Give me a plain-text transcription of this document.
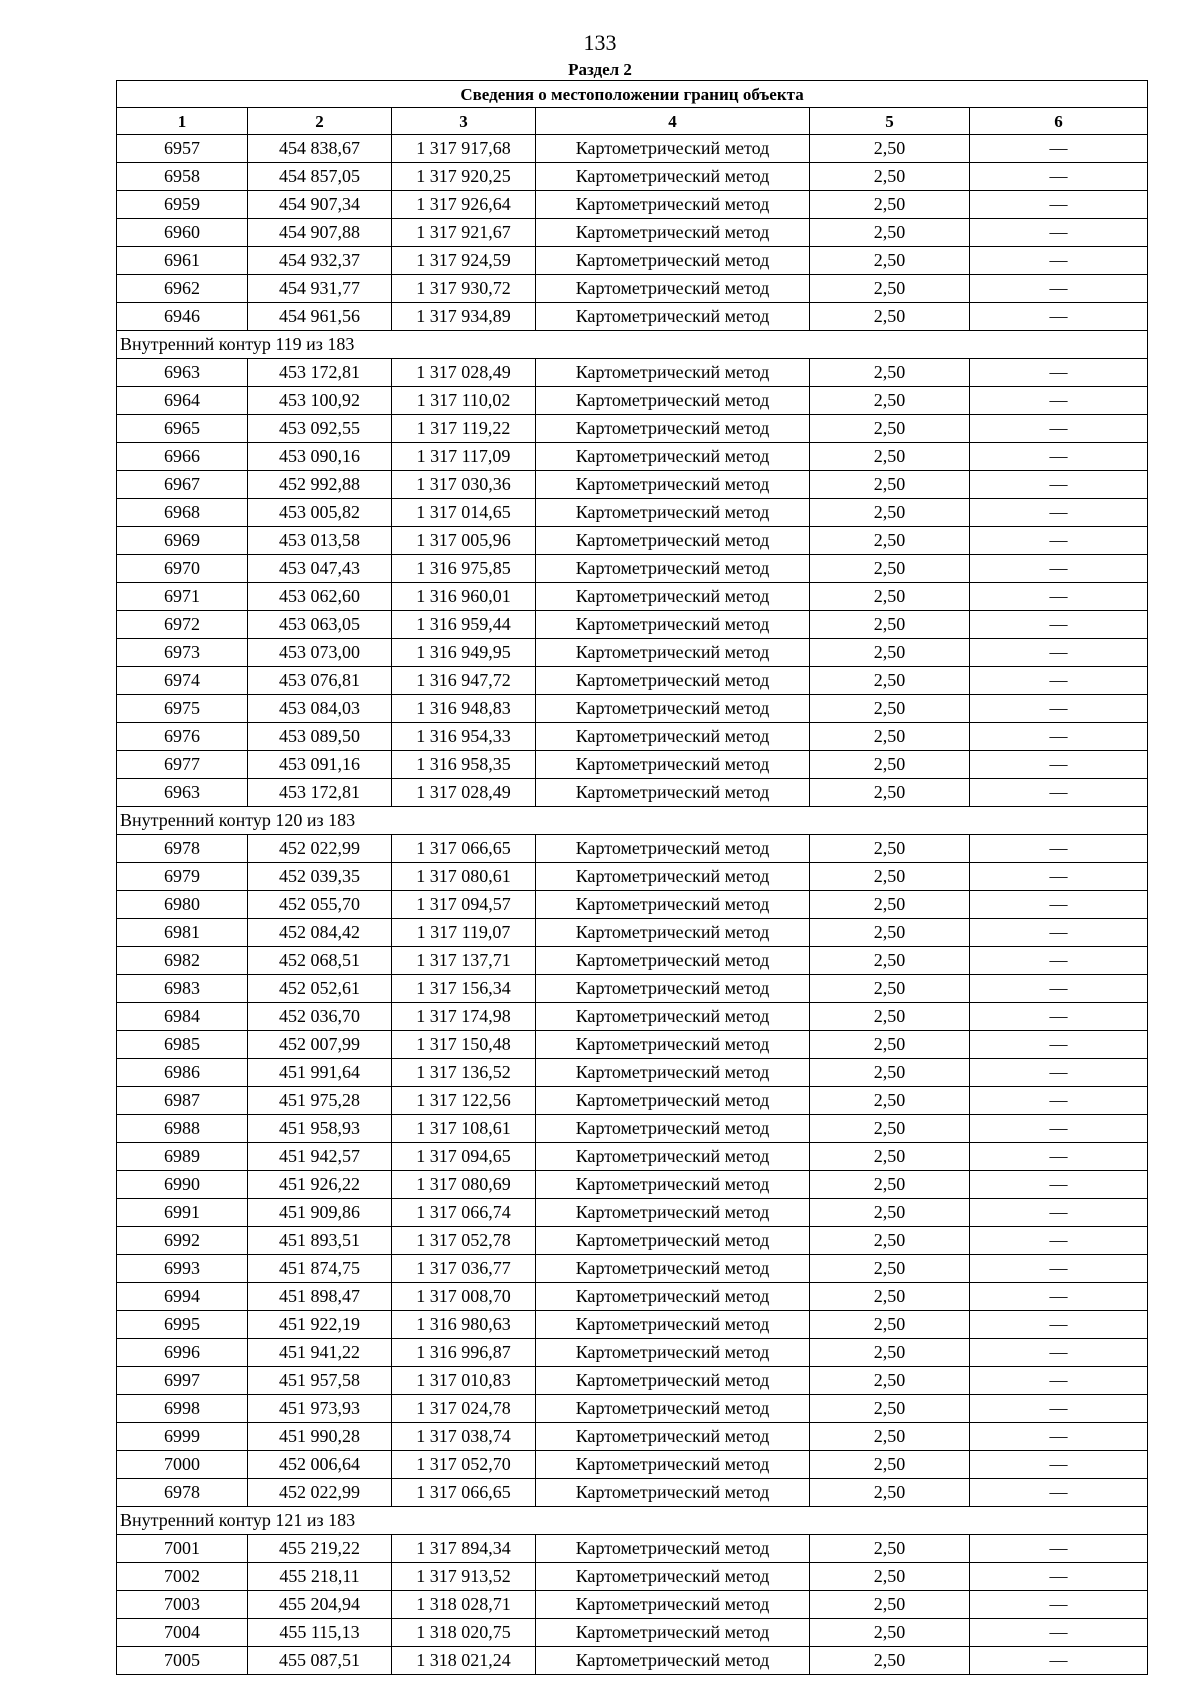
133
Раздел 2
Сведения о местоположении границ объекта					
1	2	3	4	5	6
6957	454 838,67	1 317 917,68	Картометрический метод	2,50	—
6958	454 857,05	1 317 920,25	Картометрический метод	2,50	—
6959	454 907,34	1 317 926,64	Картометрический метод	2,50	—
6960	454 907,88	1 317 921,67	Картометрический метод	2,50	—
6961	454 932,37	1 317 924,59	Картометрический метод	2,50	—
6962	454 931,77	1 317 930,72	Картометрический метод	2,50	—
6946	454 961,56	1 317 934,89	Картометрический метод	2,50	—
Внутренний контур 119 из 183					
6963	453 172,81	1 317 028,49	Картометрический метод	2,50	—
6964	453 100,92	1 317 110,02	Картометрический метод	2,50	—
6965	453 092,55	1 317 119,22	Картометрический метод	2,50	—
6966	453 090,16	1 317 117,09	Картометрический метод	2,50	—
6967	452 992,88	1 317 030,36	Картометрический метод	2,50	—
6968	453 005,82	1 317 014,65	Картометрический метод	2,50	—
6969	453 013,58	1 317 005,96	Картометрический метод	2,50	—
6970	453 047,43	1 316 975,85	Картометрический метод	2,50	—
6971	453 062,60	1 316 960,01	Картометрический метод	2,50	—
6972	453 063,05	1 316 959,44	Картометрический метод	2,50	—
6973	453 073,00	1 316 949,95	Картометрический метод	2,50	—
6974	453 076,81	1 316 947,72	Картометрический метод	2,50	—
6975	453 084,03	1 316 948,83	Картометрический метод	2,50	—
6976	453 089,50	1 316 954,33	Картометрический метод	2,50	—
6977	453 091,16	1 316 958,35	Картометрический метод	2,50	—
6963	453 172,81	1 317 028,49	Картометрический метод	2,50	—
Внутренний контур 120 из 183					
6978	452 022,99	1 317 066,65	Картометрический метод	2,50	—
6979	452 039,35	1 317 080,61	Картометрический метод	2,50	—
6980	452 055,70	1 317 094,57	Картометрический метод	2,50	—
6981	452 084,42	1 317 119,07	Картометрический метод	2,50	—
6982	452 068,51	1 317 137,71	Картометрический метод	2,50	—
6983	452 052,61	1 317 156,34	Картометрический метод	2,50	—
6984	452 036,70	1 317 174,98	Картометрический метод	2,50	—
6985	452 007,99	1 317 150,48	Картометрический метод	2,50	—
6986	451 991,64	1 317 136,52	Картометрический метод	2,50	—
6987	451 975,28	1 317 122,56	Картометрический метод	2,50	—
6988	451 958,93	1 317 108,61	Картометрический метод	2,50	—
6989	451 942,57	1 317 094,65	Картометрический метод	2,50	—
6990	451 926,22	1 317 080,69	Картометрический метод	2,50	—
6991	451 909,86	1 317 066,74	Картометрический метод	2,50	—
6992	451 893,51	1 317 052,78	Картометрический метод	2,50	—
6993	451 874,75	1 317 036,77	Картометрический метод	2,50	—
6994	451 898,47	1 317 008,70	Картометрический метод	2,50	—
6995	451 922,19	1 316 980,63	Картометрический метод	2,50	—
6996	451 941,22	1 316 996,87	Картометрический метод	2,50	—
6997	451 957,58	1 317 010,83	Картометрический метод	2,50	—
6998	451 973,93	1 317 024,78	Картометрический метод	2,50	—
6999	451 990,28	1 317 038,74	Картометрический метод	2,50	—
7000	452 006,64	1 317 052,70	Картометрический метод	2,50	—
6978	452 022,99	1 317 066,65	Картометрический метод	2,50	—
Внутренний контур 121 из 183					
7001	455 219,22	1 317 894,34	Картометрический метод	2,50	—
7002	455 218,11	1 317 913,52	Картометрический метод	2,50	—
7003	455 204,94	1 318 028,71	Картометрический метод	2,50	—
7004	455 115,13	1 318 020,75	Картометрический метод	2,50	—
7005	455 087,51	1 318 021,24	Картометрический метод	2,50	—
